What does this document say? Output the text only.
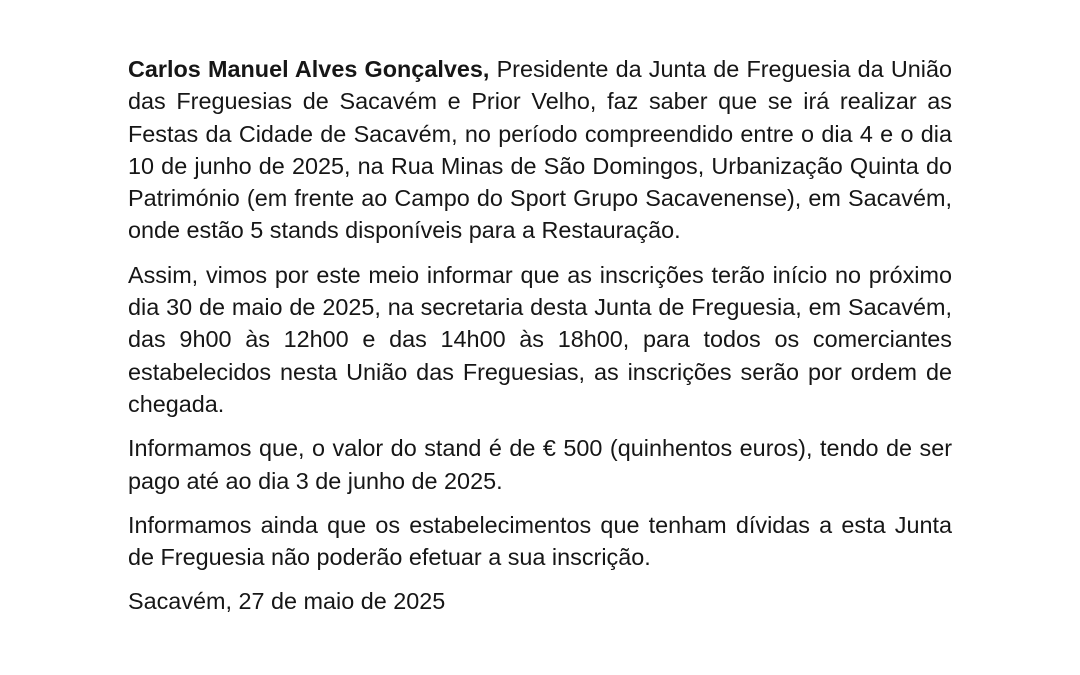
Carlos Manuel Alves Gonçalves, Presidente da Junta de Freguesia da União das Freguesias de Sacavém e Prior Velho, faz saber que se irá realizar as Festas da Cidade de Sacavém, no período compreendido entre o dia 4 e o dia 10 de junho de 2025, na Rua Minas de São Domingos, Urbanização Quinta do Património (em frente ao Campo do Sport Grupo Sacavenense), em Sacavém, onde estão 5 stands disponíveis para a Restauração.

Assim, vimos por este meio informar que as inscrições terão início no próximo dia 30 de maio de 2025, na secretaria desta Junta de Freguesia, em Sacavém, das 9h00 às 12h00 e das 14h00 às 18h00, para todos os comerciantes estabelecidos nesta União das Freguesias, as inscrições serão por ordem de chegada.

Informamos que, o valor do stand é de € 500 (quinhentos euros), tendo de ser pago até ao dia 3 de junho de 2025.

Informamos ainda que os estabelecimentos que tenham dívidas a esta Junta de Freguesia não poderão efetuar a sua inscrição.

Sacavém, 27 de maio de 2025
